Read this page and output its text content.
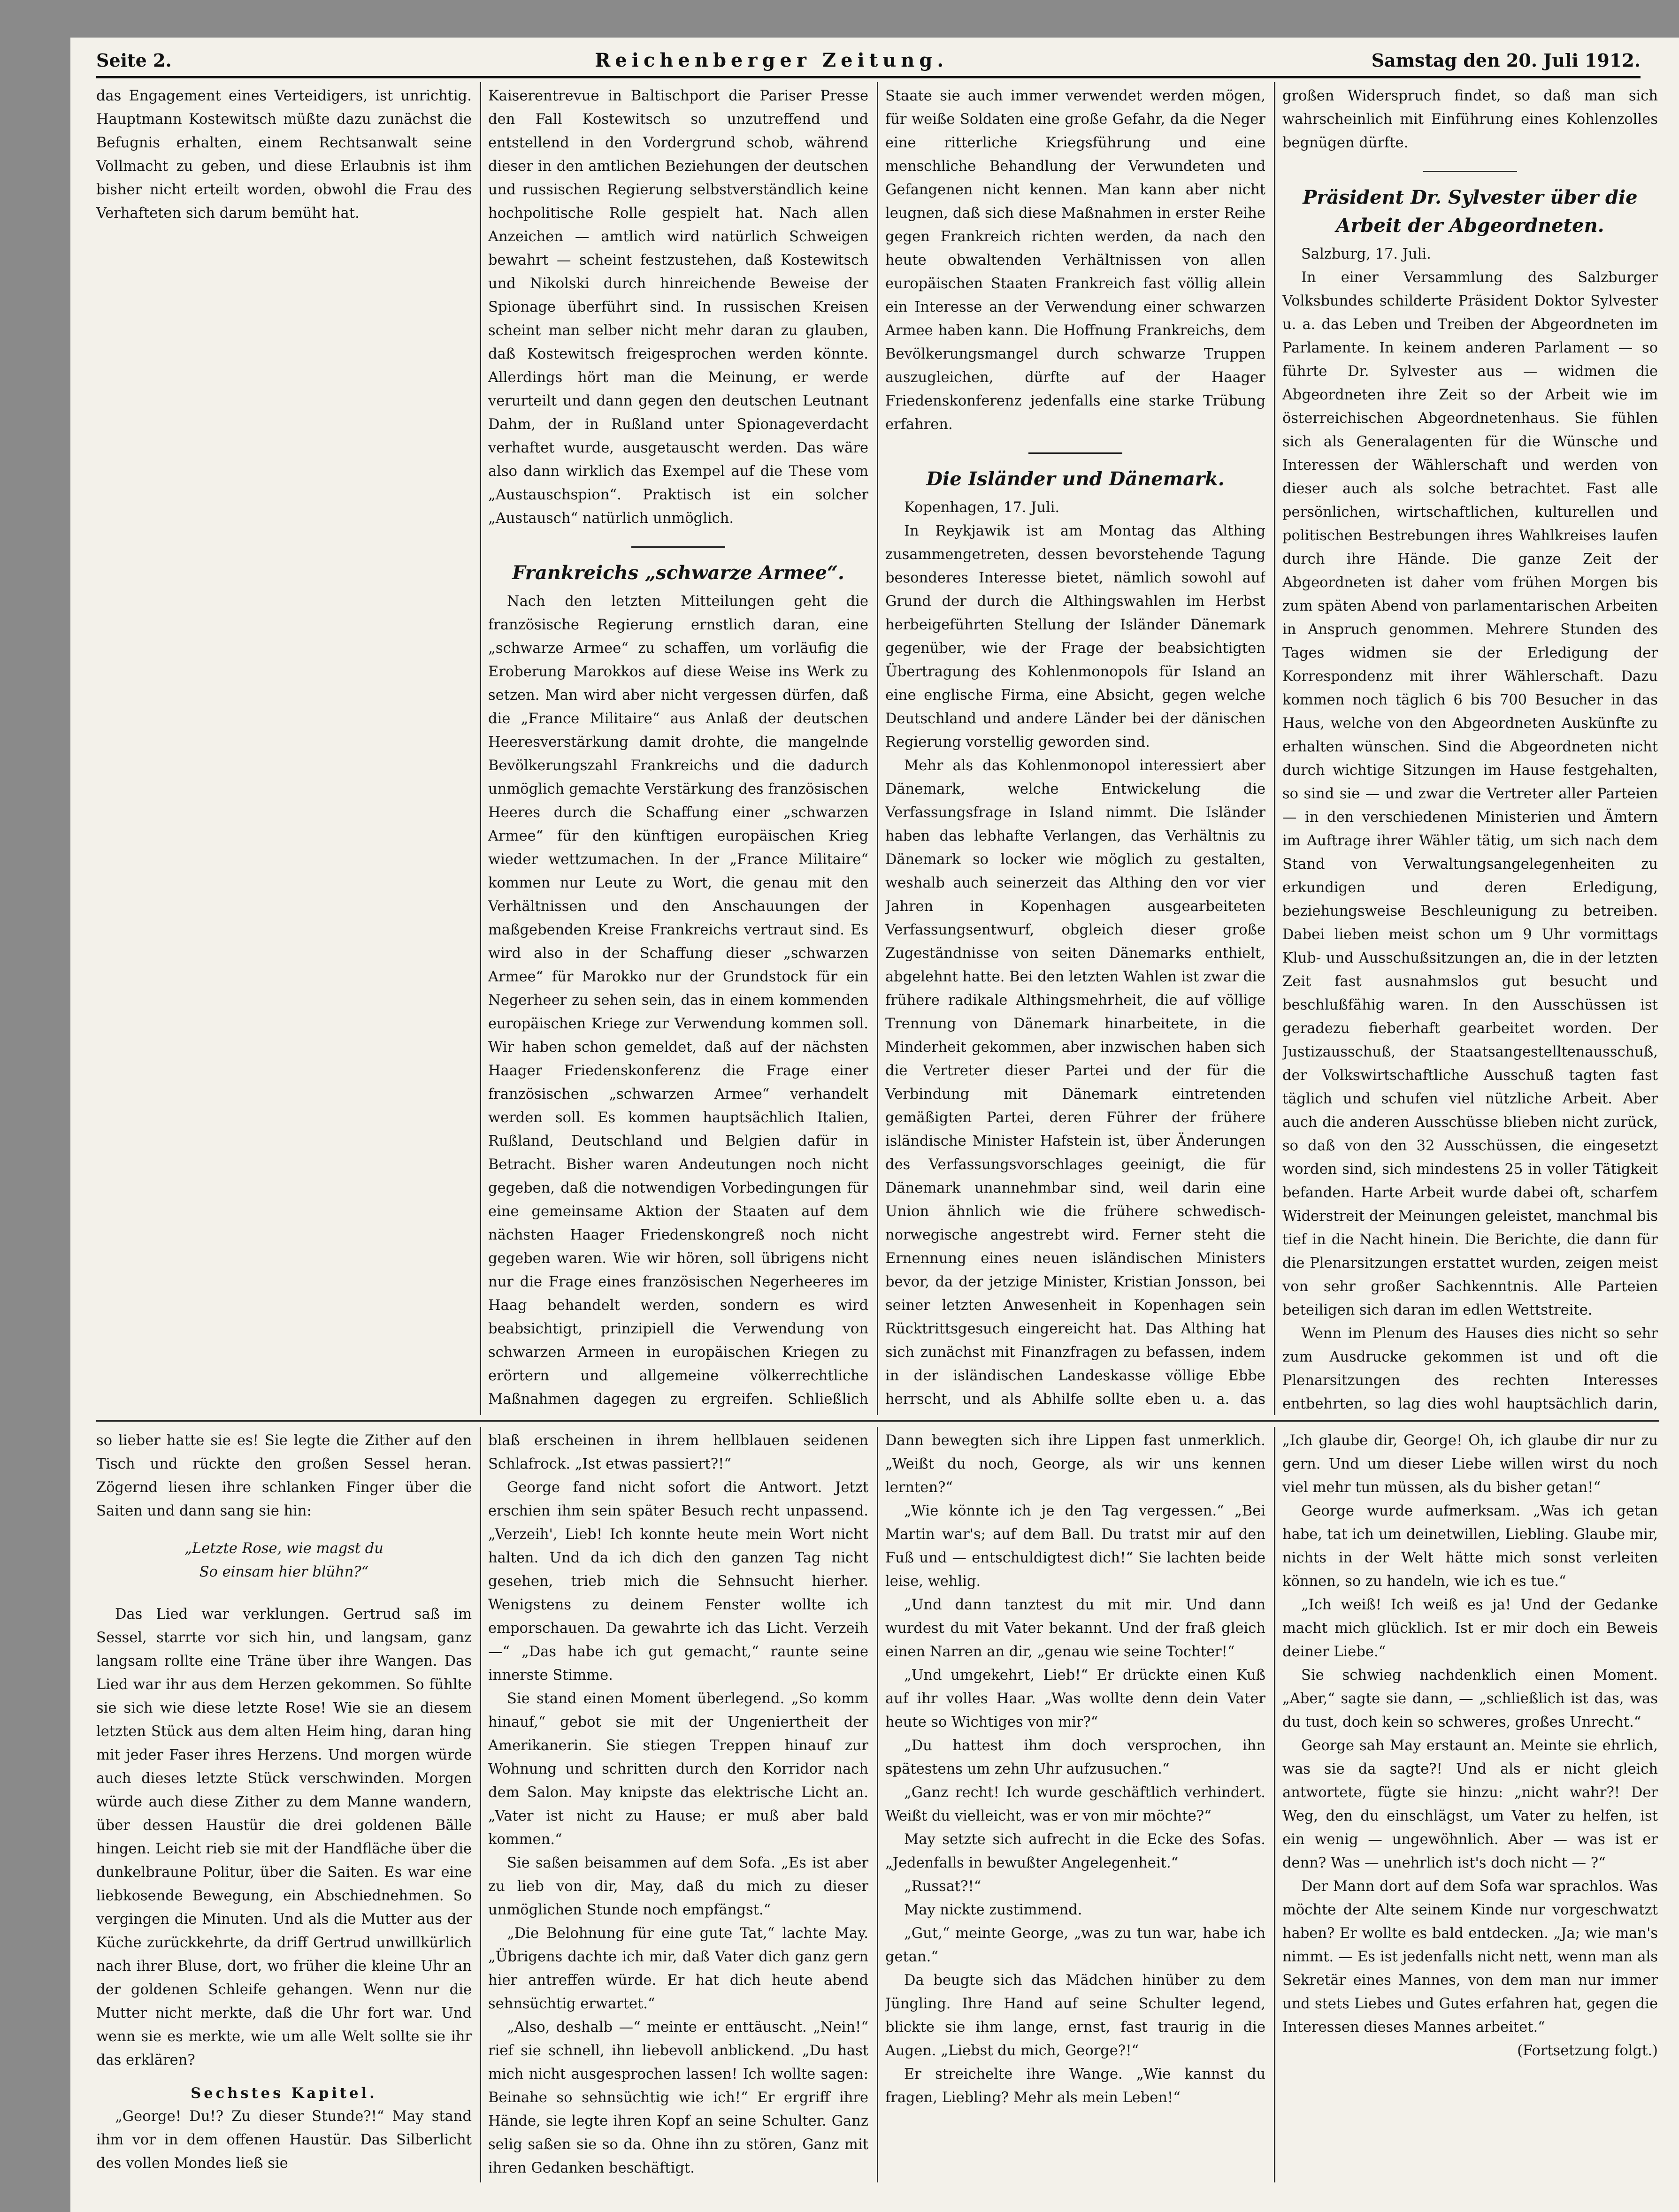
Seite 2.	Reichenberger Zeitung.	Samstag den 20. Juli 1912.

das Engagement eines Verteidigers, ist unrichtig. Hauptmann Kostewitsch müßte dazu zunächst die Befugnis erhalten, einem Rechtsanwalt seine Vollmacht zu geben, und diese Erlaubnis ist ihm bisher nicht erteilt worden, obwohl die Frau des Verhafteten sich darum bemüht hat.

Kaiserentrevue in Baltischport die Pariser Presse den Fall Kostewitsch so unzutreffend und entstellend in den Vordergrund schob, während dieser in den amtlichen Beziehungen der deutschen und russischen Regierung selbstverständlich keine hochpolitische Rolle gespielt hat. Nach allen Anzeichen — amtlich wird natürlich Schweigen bewahrt — scheint festzustehen, daß Kostewitsch und Nikolski durch hinreichende Beweise der Spionage überführt sind. In russischen Kreisen scheint man selber nicht mehr daran zu glauben, daß Kostewitsch freigesprochen werden könnte. Allerdings hört man die Meinung, er werde verurteilt und dann gegen den deutschen Leutnant Dahm, der in Rußland unter Spionageverdacht verhaftet wurde, ausgetauscht werden. Das wäre also dann wirklich das Exempel auf die These vom „Austauschspion“. Praktisch ist ein solcher „Austausch“ natürlich unmöglich.

Frankreichs „schwarze Armee“.

Nach den letzten Mitteilungen geht die französische Regierung ernstlich daran, eine „schwarze Armee“ zu schaffen, um vorläufig die Eroberung Marokkos auf diese Weise ins Werk zu setzen. Man wird aber nicht vergessen dürfen, daß die „France Militaire“ aus Anlaß der deutschen Heeresverstärkung damit drohte, die mangelnde Bevölkerungszahl Frankreichs und die dadurch unmöglich gemachte Verstärkung des französischen Heeres durch die Schaffung einer „schwarzen Armee“ für den künftigen europäischen Krieg wieder wettzumachen. In der „France Militaire“ kommen nur Leute zu Wort, die genau mit den Verhältnissen und den Anschauungen der maßgebenden Kreise Frankreichs vertraut sind. Es wird also in der Schaffung dieser „schwarzen Armee“ für Marokko nur der Grundstock für ein Negerheer zu sehen sein, das in einem kommenden europäischen Kriege zur Verwendung kommen soll. Wir haben schon gemeldet, daß auf der nächsten Haager Friedenskonferenz die Frage einer französischen „schwarzen Armee“ verhandelt werden soll. Es kommen hauptsächlich Italien, Rußland, Deutschland und Belgien dafür in Betracht. Bisher waren Andeutungen noch nicht gegeben, daß die notwendigen Vorbedingungen für eine gemeinsame Aktion der Staaten auf dem nächsten Haager Friedenskongreß noch nicht gegeben waren. Wie wir hören, soll übrigens nicht nur die Frage eines französischen Negerheeres im Haag behandelt werden, sondern es wird beabsichtigt, prinzipiell die Verwendung von schwarzen Armeen in europäischen Kriegen zu erörtern und allgemeine völkerrechtliche Maßnahmen dagegen zu ergreifen. Schließlich

Staate sie auch immer verwendet werden mögen, für weiße Soldaten eine große Gefahr, da die Neger eine ritterliche Kriegsführung und eine menschliche Behandlung der Verwundeten und Gefangenen nicht kennen. Man kann aber nicht leugnen, daß sich diese Maßnahmen in erster Reihe gegen Frankreich richten werden, da nach den heute obwaltenden Verhältnissen von allen europäischen Staaten Frankreich fast völlig allein ein Interesse an der Verwendung einer schwarzen Armee haben kann. Die Hoffnung Frankreichs, dem Bevölkerungsmangel durch schwarze Truppen auszugleichen, dürfte auf der Haager Friedenskonferenz jedenfalls eine starke Trübung erfahren.

Die Isländer und Dänemark.

Kopenhagen, 17. Juli.

In Reykjawik ist am Montag das Althing zusammengetreten, dessen bevorstehende Tagung besonderes Interesse bietet, nämlich sowohl auf Grund der durch die Althingswahlen im Herbst herbeigeführten Stellung der Isländer Dänemark gegenüber, wie der Frage der beabsichtigten Übertragung des Kohlenmonopols für Island an eine englische Firma, eine Absicht, gegen welche Deutschland und andere Länder bei der dänischen Regierung vorstellig geworden sind.

Mehr als das Kohlenmonopol interessiert aber Dänemark, welche Entwickelung die Verfassungsfrage in Island nimmt. Die Isländer haben das lebhafte Verlangen, das Verhältnis zu Dänemark so locker wie möglich zu gestalten, weshalb auch seinerzeit das Althing den vor vier Jahren in Kopenhagen ausgearbeiteten Verfassungsentwurf, obgleich dieser große Zugeständnisse von seiten Dänemarks enthielt, abgelehnt hatte. Bei den letzten Wahlen ist zwar die frühere radikale Althingsmehrheit, die auf völlige Trennung von Dänemark hinarbeitete, in die Minderheit gekommen, aber inzwischen haben sich die Vertreter dieser Partei und der für die Verbindung mit Dänemark eintretenden gemäßigten Partei, deren Führer der frühere isländische Minister Hafstein ist, über Änderungen des Verfassungsvorschlages geeinigt, die für Dänemark unannehmbar sind, weil darin eine Union ähnlich wie die frühere schwedisch-norwegische angestrebt wird. Ferner steht die Ernennung eines neuen isländischen Ministers bevor, da der jetzige Minister, Kristian Jonsson, bei seiner letzten Anwesenheit in Kopenhagen sein Rücktrittsgesuch eingereicht hat. Das Althing hat sich zunächst mit Finanzfragen zu befassen, indem in der isländischen Landeskasse völlige Ebbe herrscht, und als Abhilfe sollte eben u. a. das

großen Widerspruch findet, so daß man sich wahrscheinlich mit Einführung eines Kohlenzolles begnügen dürfte.

Präsident Dr. Sylvester über die Arbeit der Abgeordneten.

Salzburg, 17. Juli.

In einer Versammlung des Salzburger Volksbundes schilderte Präsident Doktor Sylvester u. a. das Leben und Treiben der Abgeordneten im Parlamente. In keinem anderen Parlament — so führte Dr. Sylvester aus — widmen die Abgeordneten ihre Zeit so der Arbeit wie im österreichischen Abgeordnetenhaus. Sie fühlen sich als Generalagenten für die Wünsche und Interessen der Wählerschaft und werden von dieser auch als solche betrachtet. Fast alle persönlichen, wirtschaftlichen, kulturellen und politischen Bestrebungen ihres Wahlkreises laufen durch ihre Hände. Die ganze Zeit der Abgeordneten ist daher vom frühen Morgen bis zum späten Abend von parlamentarischen Arbeiten in Anspruch genommen. Mehrere Stunden des Tages widmen sie der Erledigung der Korrespondenz mit ihrer Wählerschaft. Dazu kommen noch täglich 6 bis 700 Besucher in das Haus, welche von den Abgeordneten Auskünfte zu erhalten wünschen. Sind die Abgeordneten nicht durch wichtige Sitzungen im Hause festgehalten, so sind sie — und zwar die Vertreter aller Parteien — in den verschiedenen Ministerien und Ämtern im Auftrage ihrer Wähler tätig, um sich nach dem Stand von Verwaltungsangelegenheiten zu erkundigen und deren Erledigung, beziehungsweise Beschleunigung zu betreiben. Dabei lieben meist schon um 9 Uhr vormittags Klub- und Ausschußsitzungen an, die in der letzten Zeit fast ausnahmslos gut besucht und beschlußfähig waren. In den Ausschüssen ist geradezu fieberhaft gearbeitet worden. Der Justizausschuß, der Staatsangestelltenausschuß, der Volkswirtschaftliche Ausschuß tagten fast täglich und schufen viel nützliche Arbeit. Aber auch die anderen Ausschüsse blieben nicht zurück, so daß von den 32 Ausschüssen, die eingesetzt worden sind, sich mindestens 25 in voller Tätigkeit befanden. Harte Arbeit wurde dabei oft, scharfem Widerstreit der Meinungen geleistet, manchmal bis tief in die Nacht hinein. Die Berichte, die dann für die Plenarsitzungen erstattet wurden, zeigen meist von sehr großer Sachkenntnis. Alle Parteien beteiligen sich daran im edlen Wettstreite.

Wenn im Plenum des Hauses dies nicht so sehr zum Ausdrucke gekommen ist und oft die Plenarsitzungen des rechten Interesses entbehrten, so lag dies wohl hauptsächlich darin,

so lieber hatte sie es! Sie legte die Zither auf den Tisch und rückte den großen Sessel heran. Zögernd liesen ihre schlanken Finger über die Saiten und dann sang sie hin:

„Letzte Rose, wie magst du
So einsam hier blühn?“

Das Lied war verklungen. Gertrud saß im Sessel, starrte vor sich hin, und langsam, ganz langsam rollte eine Träne über ihre Wangen. Das Lied war ihr aus dem Herzen gekommen. So fühlte sie sich wie diese letzte Rose! Wie sie an diesem letzten Stück aus dem alten Heim hing, daran hing mit jeder Faser ihres Herzens. Und morgen würde auch dieses letzte Stück verschwinden. Morgen würde auch diese Zither zu dem Manne wandern, über dessen Haustür die drei goldenen Bälle hingen. Leicht rieb sie mit der Handfläche über die dunkelbraune Politur, über die Saiten. Es war eine liebkosende Bewegung, ein Abschiednehmen. So vergingen die Minuten. Und als die Mutter aus der Küche zurückkehrte, da driff Gertrud unwillkürlich nach ihrer Bluse, dort, wo früher die kleine Uhr an der goldenen Schleife gehangen. Wenn nur die Mutter nicht merkte, daß die Uhr fort war. Und wenn sie es merkte, wie um alle Welt sollte sie ihr das erklären?

Sechstes Kapitel.

„George! Du!? Zu dieser Stunde?!“ May stand ihm vor in dem offenen Haustür. Das Silberlicht des vollen Mondes ließ sie

blaß erscheinen in ihrem hellblauen seidenen Schlafrock. „Ist etwas passiert?!“

George fand nicht sofort die Antwort. Jetzt erschien ihm sein später Besuch recht unpassend. „Verzeih', Lieb! Ich konnte heute mein Wort nicht halten. Und da ich dich den ganzen Tag nicht gesehen, trieb mich die Sehnsucht hierher. Wenigstens zu deinem Fenster wollte ich emporschauen. Da gewahrte ich das Licht. Verzeih —“ „Das habe ich gut gemacht,“ raunte seine innerste Stimme.

Sie stand einen Moment überlegend. „So komm hinauf,“ gebot sie mit der Ungeniertheit der Amerikanerin. Sie stiegen Treppen hinauf zur Wohnung und schritten durch den Korridor nach dem Salon. May knipste das elektrische Licht an. „Vater ist nicht zu Hause; er muß aber bald kommen.“

Sie saßen beisammen auf dem Sofa. „Es ist aber zu lieb von dir, May, daß du mich zu dieser unmöglichen Stunde noch empfängst.“

„Die Belohnung für eine gute Tat,“ lachte May. „Übrigens dachte ich mir, daß Vater dich ganz gern hier antreffen würde. Er hat dich heute abend sehnsüchtig erwartet.“

„Also, deshalb —“ meinte er enttäuscht. „Nein!“ rief sie schnell, ihn liebevoll anblickend. „Du hast mich nicht ausgesprochen lassen! Ich wollte sagen: Beinahe so sehnsüchtig wie ich!“ Er ergriff ihre Hände, sie legte ihren Kopf an seine Schulter. Ganz selig saßen sie so da. Ohne ihn zu stören, Ganz mit ihren Gedanken beschäftigt.

Dann bewegten sich ihre Lippen fast unmerklich. „Weißt du noch, George, als wir uns kennen lernten?“

„Wie könnte ich je den Tag vergessen.“ „Bei Martin war's; auf dem Ball. Du tratst mir auf den Fuß und — entschuldigtest dich!“ Sie lachten beide leise, wehlig.

„Und dann tanztest du mit mir. Und dann wurdest du mit Vater bekannt. Und der fraß gleich einen Narren an dir, „genau wie seine Tochter!“

„Und umgekehrt, Lieb!“ Er drückte einen Kuß auf ihr volles Haar. „Was wollte denn dein Vater heute so Wichtiges von mir?“

„Du hattest ihm doch versprochen, ihn spätestens um zehn Uhr aufzusuchen.“

„Ganz recht! Ich wurde geschäftlich verhindert. Weißt du vielleicht, was er von mir möchte?“

May setzte sich aufrecht in die Ecke des Sofas. „Jedenfalls in bewußter Angelegenheit.“

„Russat?!“

May nickte zustimmend.

„Gut,“ meinte George, „was zu tun war, habe ich getan.“

Da beugte sich das Mädchen hinüber zu dem Jüngling. Ihre Hand auf seine Schulter legend, blickte sie ihm lange, ernst, fast traurig in die Augen. „Liebst du mich, George?!“

Er streichelte ihre Wange. „Wie kannst du fragen, Liebling? Mehr als mein Leben!“

„Ich glaube dir, George! Oh, ich glaube dir nur zu gern. Und um dieser Liebe willen wirst du noch viel mehr tun müssen, als du bisher getan!“

George wurde aufmerksam. „Was ich getan habe, tat ich um deinetwillen, Liebling. Glaube mir, nichts in der Welt hätte mich sonst verleiten können, so zu handeln, wie ich es tue.“

„Ich weiß! Ich weiß es ja! Und der Gedanke macht mich glücklich. Ist er mir doch ein Beweis deiner Liebe.“

Sie schwieg nachdenklich einen Moment. „Aber,“ sagte sie dann, — „schließlich ist das, was du tust, doch kein so schweres, großes Unrecht.“

George sah May erstaunt an. Meinte sie ehrlich, was sie da sagte?! Und als er nicht gleich antwortete, fügte sie hinzu: „nicht wahr?! Der Weg, den du einschlägst, um Vater zu helfen, ist ein wenig — ungewöhnlich. Aber — was ist er denn? Was — unehrlich ist's doch nicht — ?“

Der Mann dort auf dem Sofa war sprachlos. Was möchte der Alte seinem Kinde nur vorgeschwatzt haben? Er wollte es bald entdecken. „Ja; wie man's nimmt. — Es ist jedenfalls nicht nett, wenn man als Sekretär eines Mannes, von dem man nur immer und stets Liebes und Gutes erfahren hat, gegen die Interessen dieses Mannes arbeitet.“

(Fortsetzung folgt.)
